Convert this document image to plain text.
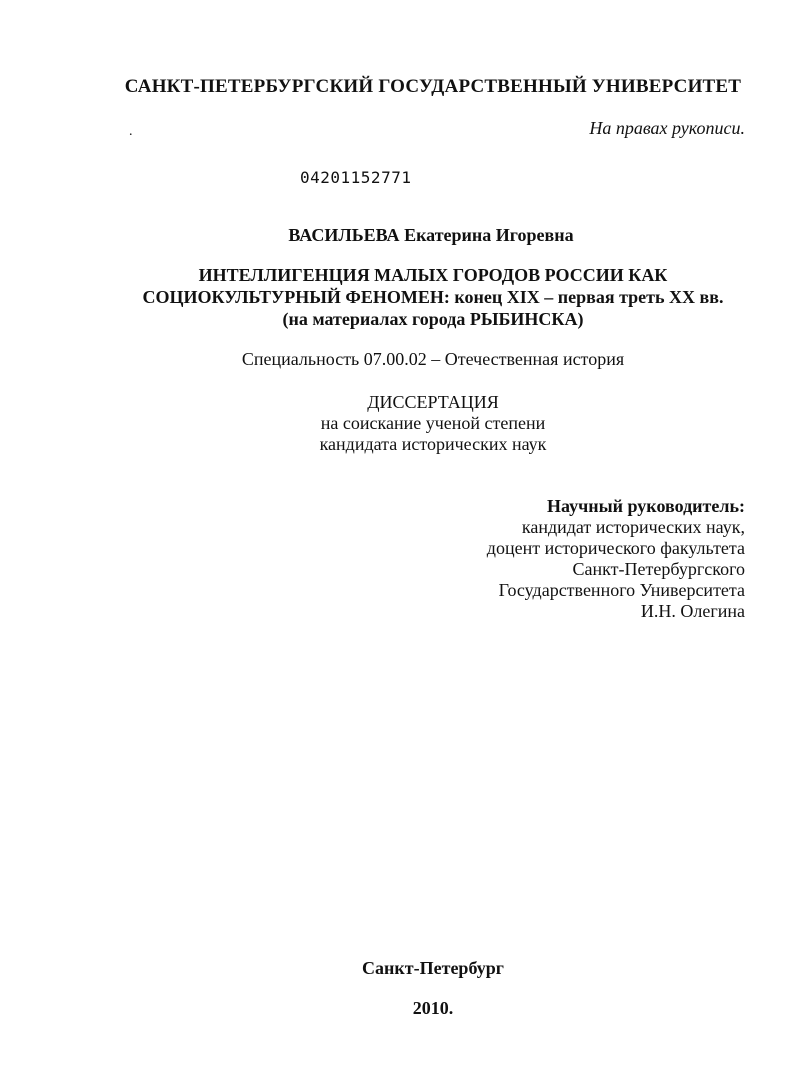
САНКТ-ПЕТЕРБУРГСКИЙ ГОСУДАРСТВЕННЫЙ УНИВЕРСИТЕТ
.	На правах рукописи.
04201152771
ВАСИЛЬЕВА Екатерина Игоревна
ИНТЕЛЛИГЕНЦИЯ МАЛЫХ ГОРОДОВ РОССИИ КАК
СОЦИОКУЛЬТУРНЫЙ ФЕНОМЕН: конец XIX – первая треть XX вв.
(на материалах города РЫБИНСКА)
Специальность 07.00.02 – Отечественная история
ДИССЕРТАЦИЯ
на соискание ученой степени
кандидата исторических наук
Научный руководитель:
кандидат исторических наук,
доцент исторического факультета
Санкт-Петербургского
Государственного Университета
И.Н. Олегина
Санкт-Петербург
2010.
